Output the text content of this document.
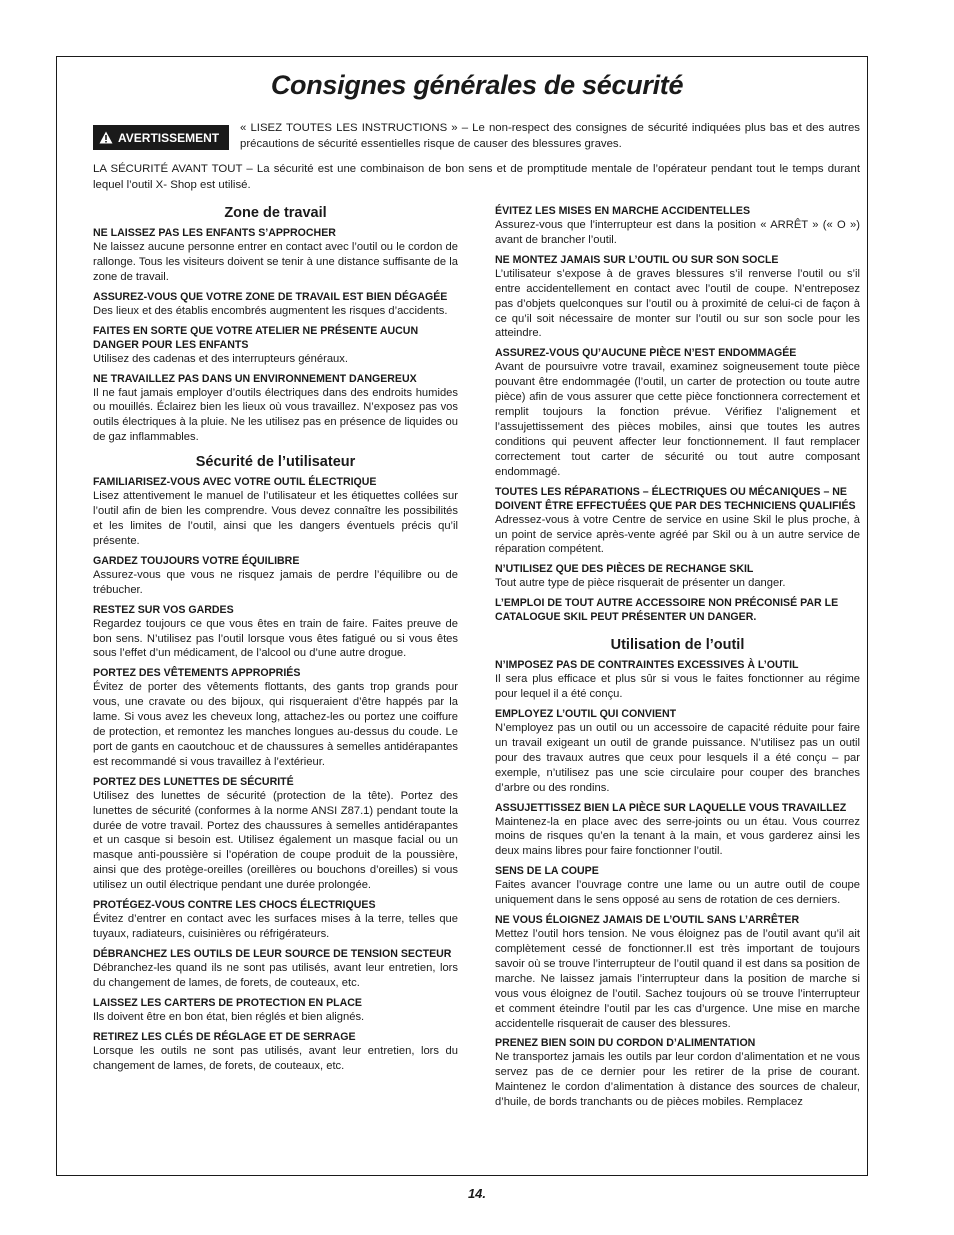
Consignes générales de sécurité
AVERTISSEMENT

« LISEZ TOUTES LES INSTRUCTIONS » – Le non-respect des consignes de sécurité indiquées plus bas et des autres précautions de sécurité essentielles risque de causer des blessures graves.

LA SÉCURITÉ AVANT TOUT – La sécurité est une combinaison de bon sens et de promptitude mentale de l’opérateur pendant tout le temps durant lequel l’outil X- Shop est utilisé.

Zone de travail
NE LAISSEZ PAS LES ENFANTS S’APPROCHER

Ne laissez aucune personne entrer en contact avec l’outil ou le cordon de rallonge. Tous les visiteurs doivent se tenir à une distance suffisante de la zone de travail.

ASSUREZ-VOUS QUE VOTRE ZONE DE TRAVAIL EST BIEN DÉGAGÉE

Des lieux et des établis encombrés augmentent les risques d’accidents.

FAITES EN SORTE QUE VOTRE ATELIER NE PRÉSENTE AUCUN DANGER POUR LES ENFANTS

Utilisez des cadenas et des interrupteurs généraux.

NE TRAVAILLEZ PAS DANS UN ENVIRONNEMENT DANGEREUX

Il ne faut jamais employer d’outils électriques dans des endroits humides ou mouillés. Éclairez bien les lieux où vous travaillez. N’exposez pas vos outils électriques à la pluie. Ne les utilisez pas en présence de liquides ou de gaz inflammables.

Sécurité de l’utilisateur
FAMILIARISEZ-VOUS AVEC VOTRE OUTIL ÉLECTRIQUE

Lisez attentivement le manuel de l’utilisateur et les étiquettes collées sur l’outil afin de bien les comprendre. Vous devez connaître les possibilités et les limites de l’outil, ainsi que les dangers éventuels précis qu’il présente.

GARDEZ TOUJOURS VOTRE ÉQUILIBRE

Assurez-vous que vous ne risquez jamais de perdre l’équilibre ou de trébucher.

RESTEZ SUR VOS GARDES

Regardez toujours ce que vous êtes en train de faire. Faites preuve de bon sens. N’utilisez pas l’outil lorsque vous êtes fatigué ou si vous êtes sous l’effet d’un médicament, de l’alcool ou d’une autre drogue.

PORTEZ DES VÊTEMENTS APPROPRIÉS

Évitez de porter des vêtements flottants, des gants trop grands pour vous, une cravate ou des bijoux, qui risqueraient d’être happés par la lame. Si vous avez les cheveux long, attachez-les ou portez une coiffure de protection, et remontez les manches longues au-dessus du coude. Le port de gants en caoutchouc et de chaussures à semelles antidérapantes est recommandé si vous travaillez à l’extérieur.

PORTEZ DES LUNETTES DE SÉCURITÉ

Utilisez des lunettes de sécurité (protection de la tête). Portez des lunettes de sécurité (conformes à la norme ANSI Z87.1) pendant toute la durée de votre travail. Portez des chaussures à semelles antidérapantes et un casque si besoin est. Utilisez également un masque facial ou un masque anti-poussière si l’opération de coupe produit de la poussière, ainsi que des protège-oreilles (oreillères ou bouchons d’oreilles) si vous utilisez un outil électrique pendant une durée prolongée.

PROTÉGEZ-VOUS CONTRE LES CHOCS ÉLECTRIQUES

Évitez d’entrer en contact avec les surfaces mises à la terre, telles que tuyaux, radiateurs, cuisinières ou réfrigérateurs.

DÉBRANCHEZ LES OUTILS DE LEUR SOURCE DE TENSION SECTEUR

Débranchez-les quand ils ne sont pas utilisés, avant leur entretien, lors du changement de lames, de forets, de couteaux, etc.

LAISSEZ LES CARTERS DE PROTECTION EN PLACE

Ils doivent être en bon état, bien réglés et bien alignés.

RETIREZ LES CLÉS DE RÉGLAGE ET DE SERRAGE

Lorsque les outils ne sont pas utilisés, avant leur entretien, lors du changement de lames, de forets, de couteaux, etc.

ÉVITEZ LES MISES EN MARCHE ACCIDENTELLES

Assurez-vous que l’interrupteur est dans la position « ARRÊT » (« O ») avant de brancher l’outil.

NE MONTEZ JAMAIS SUR L’OUTIL OU SUR SON SOCLE

L’utilisateur s’expose à de graves blessures s’il renverse l’outil ou s’il entre accidentellement en contact avec l’outil de coupe. N’entreposez pas d’objets quelconques sur l’outil ou à proximité de celui-ci de façon à ce qu’il soit nécessaire de monter sur l’outil ou sur son socle pour les atteindre.

ASSUREZ-VOUS QU’AUCUNE PIÈCE N’EST ENDOMMAGÉE

Avant de poursuivre votre travail, examinez soigneusement toute pièce pouvant être endommagée (l’outil, un carter de protection ou toute autre pièce) afin de vous assurer que cette pièce fonctionnera correctement et remplit toujours la fonction prévue. Vérifiez l’alignement et l’assujettissement des pièces mobiles, ainsi que toutes les autres conditions qui peuvent affecter leur fonctionnement. Il faut remplacer correctement tout carter de sécurité ou tout autre composant endommagé.

TOUTES LES RÉPARATIONS – ÉLECTRIQUES OU MÉCANIQUES – NE DOIVENT ÊTRE EFFECTUÉES QUE PAR DES TECHNICIENS QUALIFIÉS

Adressez-vous à votre Centre de service en usine Skil le plus proche, à un point de service après-vente agréé par Skil ou à un autre service de réparation compétent.

N’UTILISEZ QUE DES PIÈCES DE RECHANGE SKIL

Tout autre type de pièce risquerait de présenter un danger.

L’EMPLOI DE TOUT AUTRE ACCESSOIRE NON PRÉCONISÉ PAR LE CATALOGUE SKIL PEUT PRÉSENTER UN DANGER.
Utilisation de l’outil
N’IMPOSEZ PAS DE CONTRAINTES EXCESSIVES À L’OUTIL

Il sera plus efficace et plus sûr si vous le faites fonctionner au régime pour lequel il a été conçu.

EMPLOYEZ L’OUTIL QUI CONVIENT

N’employez pas un outil ou un accessoire de capacité réduite pour faire un travail exigeant un outil de grande puissance. N’utilisez pas un outil pour des travaux autres que ceux pour lesquels il a été conçu – par exemple, n’utilisez pas une scie circulaire pour couper des branches d’arbre ou des rondins.

ASSUJETTISSEZ BIEN LA PIÈCE SUR LAQUELLE VOUS TRAVAILLEZ

Maintenez-la en place avec des serre-joints ou un étau. Vous courrez moins de risques qu’en la tenant à la main, et vous garderez ainsi les deux mains libres pour faire fonctionner l’outil.

SENS DE LA COUPE

Faites avancer l’ouvrage contre une lame ou un autre outil de coupe uniquement dans le sens opposé au sens de rotation de ces derniers.

NE VOUS ÉLOIGNEZ JAMAIS DE L’OUTIL SANS L’ARRÊTER

Mettez l’outil hors tension. Ne vous éloignez pas de l’outil avant qu’il ait complètement cessé de fonctionner.Il est très important de toujours savoir où se trouve l’interrupteur de l’outil quand il est dans sa position de marche. Ne laissez jamais l’interrupteur dans la position de marche si vous vous éloignez de l’outil. Sachez toujours où se trouve l’interrupteur et comment éteindre l’outil par les cas d’urgence. Une mise en marche accidentelle risquerait de causer des blessures.

PRENEZ BIEN SOIN DU CORDON D’ALIMENTATION

Ne transportez jamais les outils par leur cordon d’alimentation et ne vous servez pas de ce dernier pour les retirer de la prise de courant. Maintenez le cordon d’alimentation à distance des sources de chaleur, d’huile, de bords tranchants ou de pièces mobiles. Remplacez

14.
